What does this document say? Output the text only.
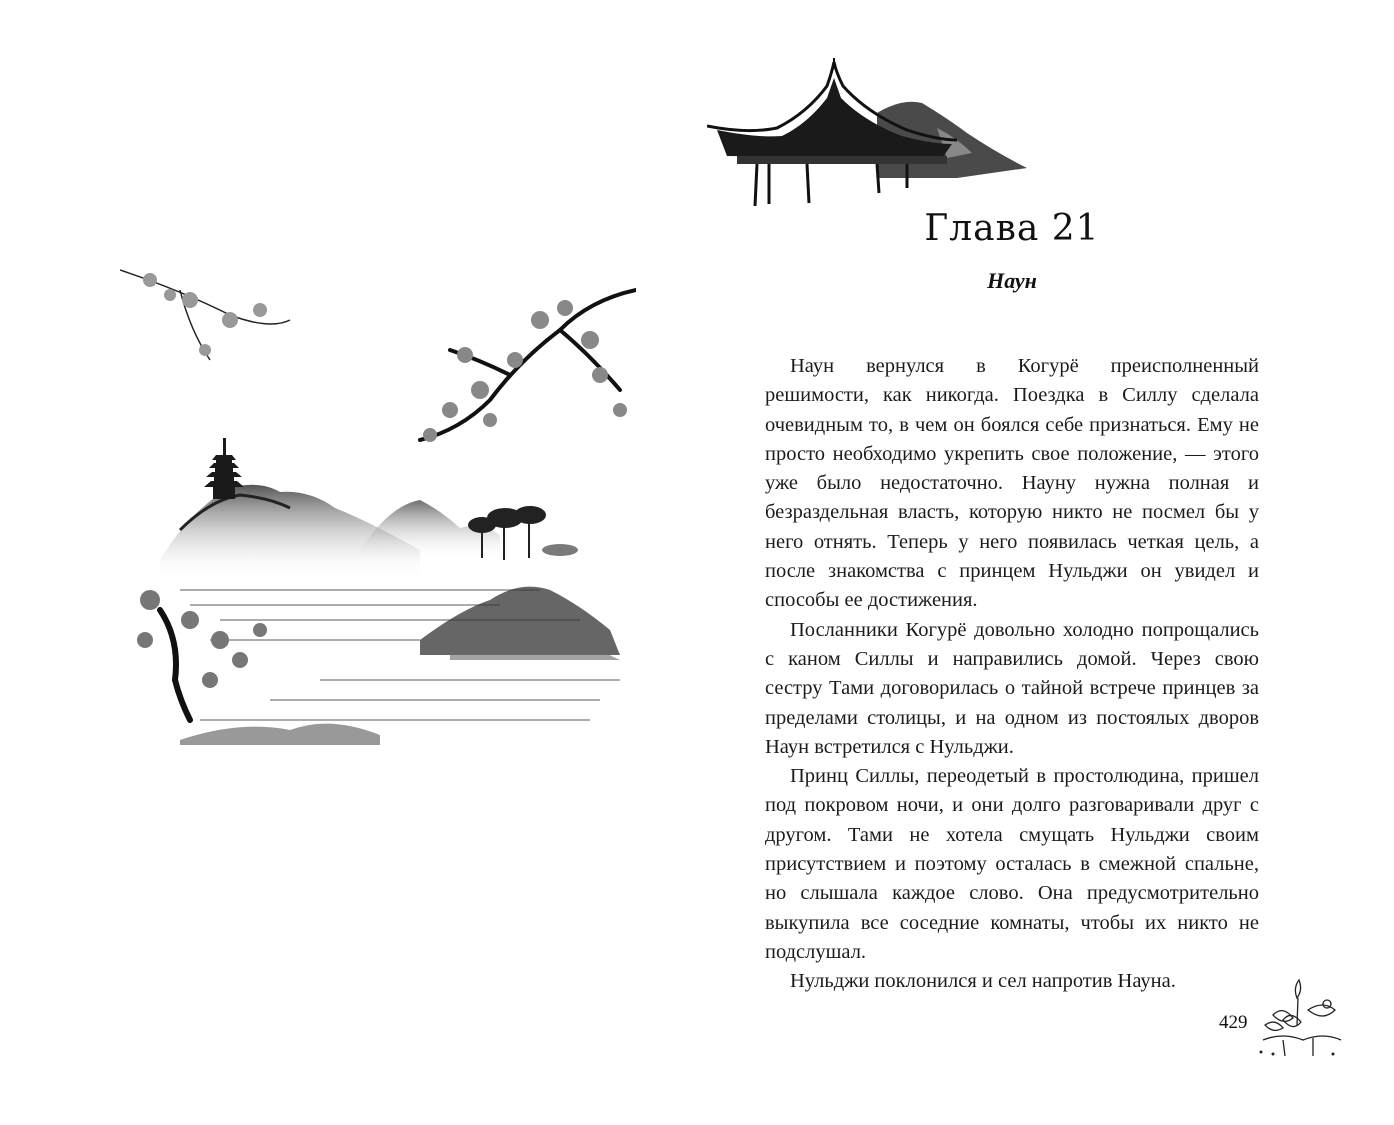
Глава 21
Наун

Наун вернулся в Когурё преисполненный решимости, как никогда. Поездка в Силлу сделала очевидным то, в чем он боялся себе признаться. Ему не просто необходимо укрепить свое положение, — этого уже было недостаточно. Науну нужна полная и безраздельная власть, которую никто не посмел бы у него отнять. Теперь у него появилась четкая цель, а после знакомства с принцем Нульджи он увидел и способы ее достижения.

Посланники Когурё довольно холодно попрощались с каном Силлы и направились домой. Через свою сестру Тами договорилась о тайной встрече принцев за пределами столицы, и на одном из постоялых дворов Наун встретился с Нульджи.

Принц Силлы, переодетый в простолюдина, пришел под покровом ночи, и они долго разговаривали друг с другом. Тами не хотела смущать Нульджи своим присутствием и поэтому осталась в смежной спальне, но слышала каждое слово. Она предусмотрительно выкупила все соседние комнаты, чтобы их никто не подслушал.

Нульджи поклонился и сел напротив Науна.

429
